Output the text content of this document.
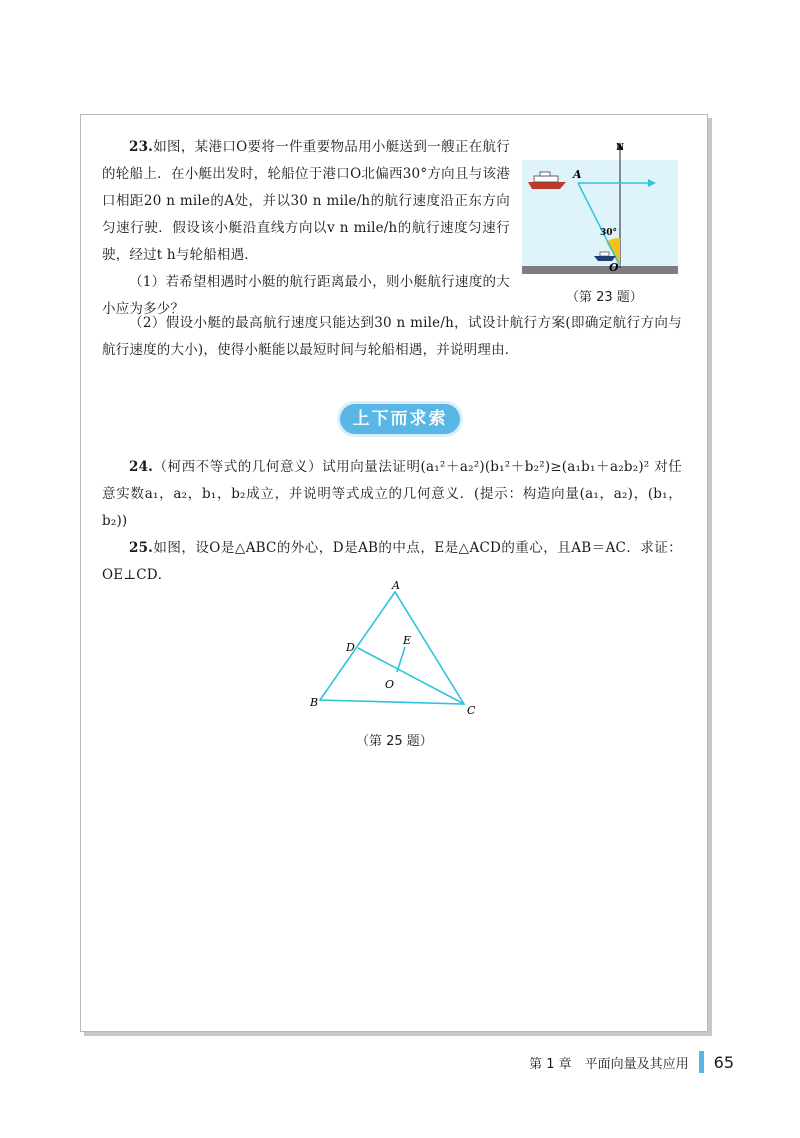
23.如图，某港口O要将一件重要物品用小艇送到一艘正在航行的轮船上．在小艇出发时，轮船位于港口O北偏西30°方向且与该港口相距20 n mile的A处，并以30 n mile/h的航行速度沿正东方向匀速行驶．假设该小艇沿直线方向以v n mile/h的航行速度匀速行驶，经过t h与轮船相遇．
（1）若希望相遇时小艇的航行距离最小，则小艇航行速度的大小应为多少？

（2）假设小艇的最高航行速度只能达到30 n mile/h，试设计航行方案(即确定航行方向与航行速度的大小)，使得小艇能以最短时间与轮船相遇，并说明理由．

N
A
30°
O
（第 23 题）
上下而求索

24.（柯西不等式的几何意义）试用向量法证明(a₁²＋a₂²)(b₁²＋b₂²)≥(a₁b₁＋a₂b₂)² 对任意实数a₁，a₂，b₁，b₂成立，并说明等式成立的几何意义．(提示：构造向量(a₁，a₂)，(b₁，b₂))
25.如图，设O是△ABC的外心，D是AB的中点，E是△ACD的重心，且AB＝AC．求证：OE⊥CD．

A
B
C
D
E
O
（第 25 题）
第 1 章　平面向量及其应用 65
